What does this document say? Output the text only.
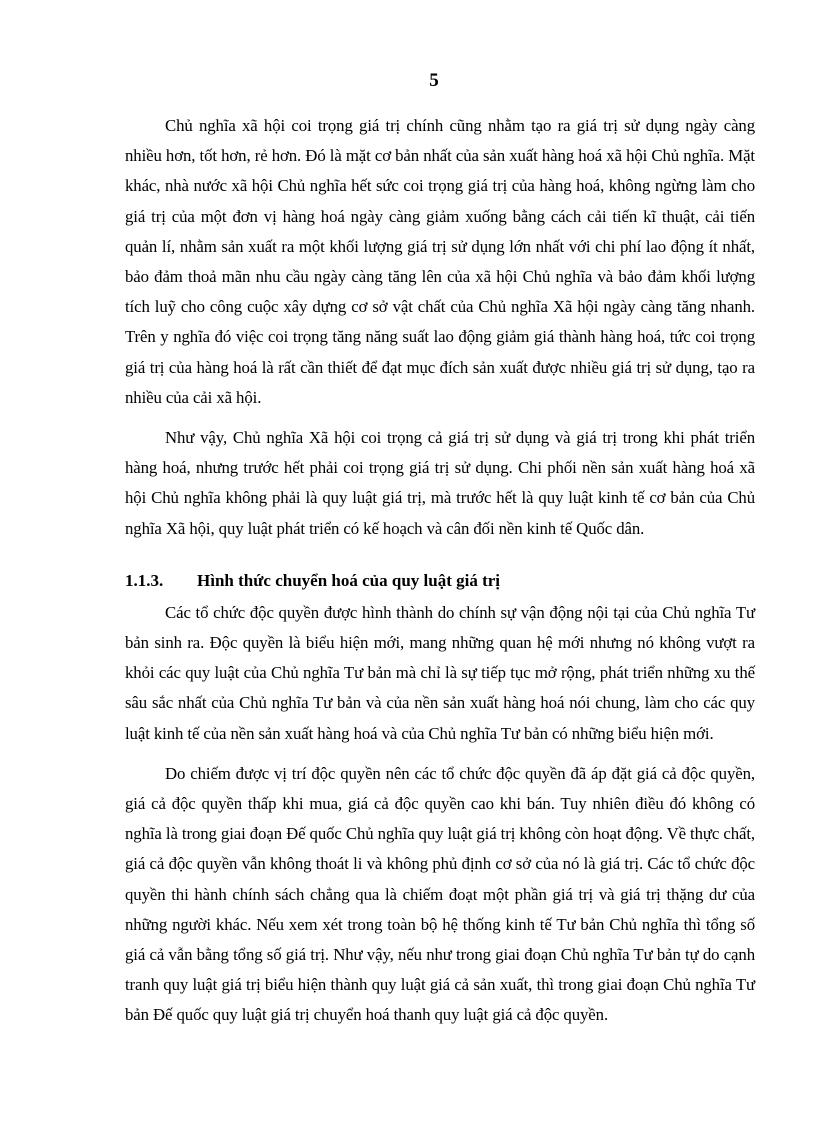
5

Chủ nghĩa xã hội coi trọng giá trị chính cũng nhằm tạo ra giá trị sử dụng ngày càng nhiều hơn, tốt hơn, rẻ hơn. Đó là mặt cơ bản nhất của sản xuất hàng hoá xã hội Chủ nghĩa. Mặt khác, nhà nước xã hội Chủ nghĩa hết sức coi trọng giá trị của hàng hoá, không ngừng làm cho giá trị của một đơn vị hàng hoá ngày càng giảm xuống bằng cách cải tiến kĩ thuật, cải tiến quản lí, nhằm sản xuất ra một khối lượng giá trị sử dụng lớn nhất với chi phí lao động ít nhất, bảo đảm thoả mãn nhu cầu ngày càng tăng lên của xã hội Chủ nghĩa và bảo đảm khối lượng tích luỹ cho công cuộc xây dựng cơ sở vật chất của Chủ nghĩa Xã hội ngày càng tăng nhanh. Trên y nghĩa đó việc coi trọng tăng năng suất lao động giảm giá thành hàng hoá, tức coi trọng giá trị của hàng hoá là rất cần thiết để đạt mục đích sản xuất được nhiều giá trị sử dụng, tạo ra nhiều của cải xã hội.

Như vậy, Chủ nghĩa Xã hội coi trọng cả giá trị sử dụng và giá trị trong khi phát triển hàng hoá, nhưng trước hết phải coi trọng giá trị sử dụng. Chi phối nền sản xuất hàng hoá xã hội Chủ nghĩa không phải là quy luật giá trị, mà trước hết là quy luật kinh tế cơ bản của Chủ nghĩa Xã hội, quy luật phát triển có kế hoạch và cân đối nền kinh tế Quốc dân.

1.1.3. Hình thức chuyển hoá của quy luật giá trị

Các tổ chức độc quyền được hình thành do chính sự vận động nội tại của Chủ nghĩa Tư bản sinh ra. Độc quyền là biểu hiện mới, mang những quan hệ mới nhưng nó không vượt ra khỏi các quy luật của Chủ nghĩa Tư bản mà chỉ là sự tiếp tục mở rộng, phát triển những xu thế sâu sắc nhất của Chủ nghĩa Tư bản và của nền sản xuất hàng hoá nói chung, làm cho các quy luật kinh tế của nền sản xuất hàng hoá và của Chủ nghĩa Tư bản có những biểu hiện mới.

Do chiếm được vị trí độc quyền nên các tổ chức độc quyền đã áp đặt giá cả độc quyền, giá cả độc quyền thấp khi mua, giá cả độc quyền cao khi bán. Tuy nhiên điều đó không có nghĩa là trong giai đoạn Đế quốc Chủ nghĩa quy luật giá trị không còn hoạt động. Về thực chất, giá cả độc quyền vẫn không thoát li và không phủ định cơ sở của nó là giá trị. Các tổ chức độc quyền thi hành chính sách chẳng qua là chiếm đoạt một phần giá trị và giá trị thặng dư của những người khác. Nếu xem xét trong toàn bộ hệ thống kinh tế Tư bản Chủ nghĩa thì tổng số giá cả vẫn bằng tổng số giá trị. Như vậy, nếu như trong giai đoạn Chủ nghĩa Tư bản tự do cạnh tranh quy luật giá trị biểu hiện thành quy luật giá cả sản xuất, thì trong giai đoạn Chủ nghĩa Tư bản Đế quốc quy luật giá trị chuyển hoá thanh quy luật giá cả độc quyền.
